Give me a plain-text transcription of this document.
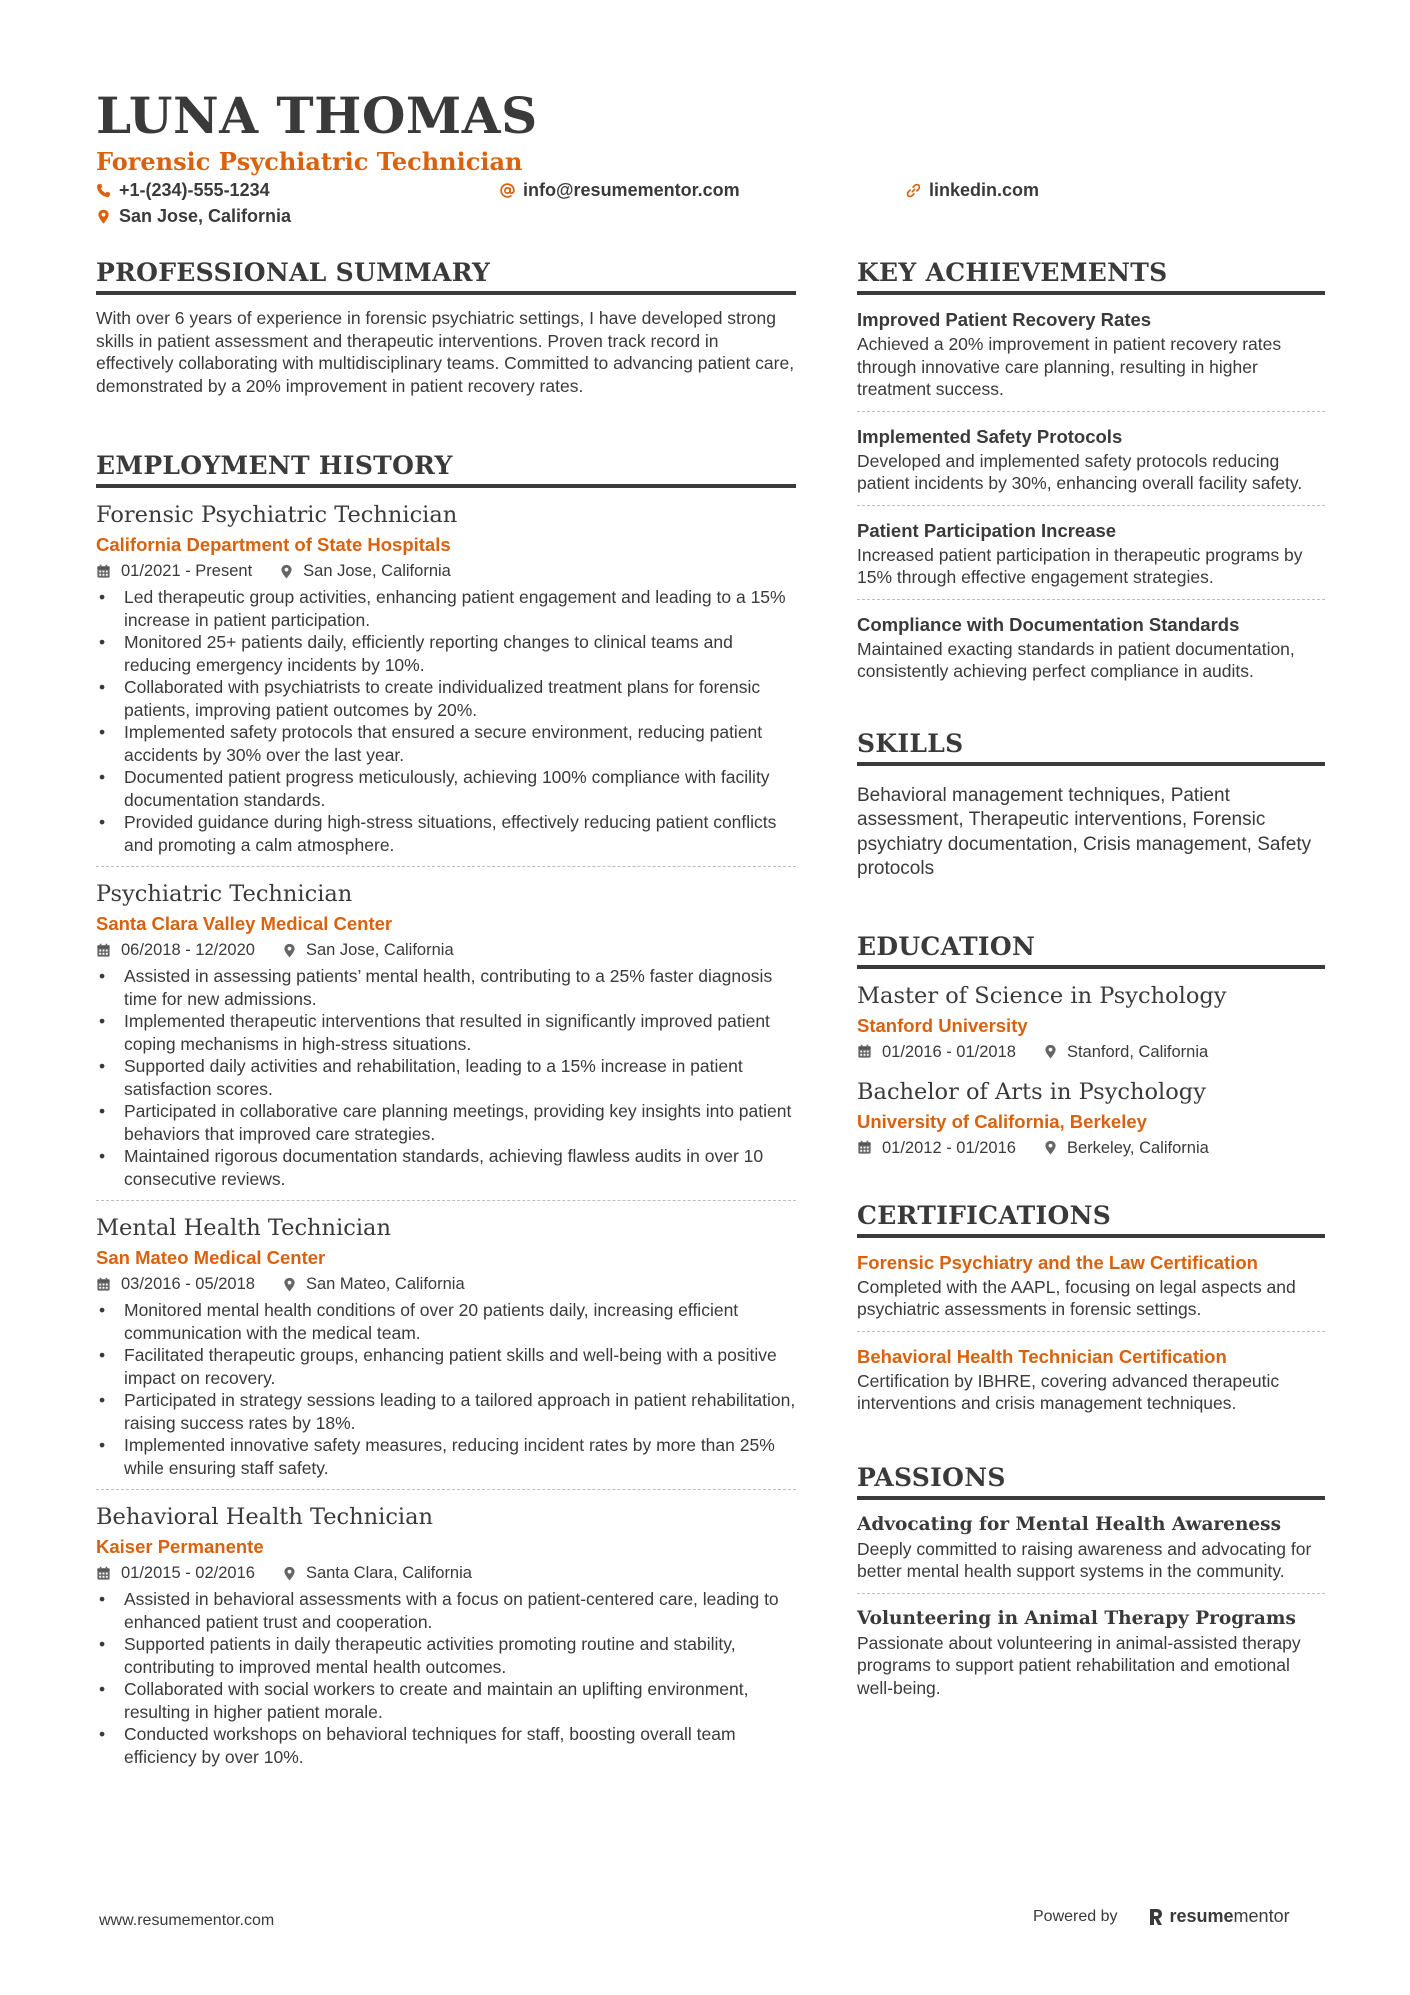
LUNA THOMAS
Forensic Psychiatric Technician
+1-(234)-555-1234	info@resumementor.com	linkedin.com
San Jose, California
PROFESSIONAL SUMMARY

With over 6 years of experience in forensic psychiatric settings, I have developed strong skills in patient assessment and therapeutic interventions. Proven track record in effectively collaborating with multidisciplinary teams. Committed to advancing patient care, demonstrated by a 20% improvement in patient recovery rates.

EMPLOYMENT HISTORY
Forensic Psychiatric Technician
California Department of State Hospitals
01/2021 - Present	San Jose, California
• Led therapeutic group activities, enhancing patient engagement and leading to a 15% increase in patient participation.
• Monitored 25+ patients daily, efficiently reporting changes to clinical teams and reducing emergency incidents by 10%.
• Collaborated with psychiatrists to create individualized treatment plans for forensic patients, improving patient outcomes by 20%.
• Implemented safety protocols that ensured a secure environment, reducing patient accidents by 30% over the last year.
• Documented patient progress meticulously, achieving 100% compliance with facility documentation standards.
• Provided guidance during high-stress situations, effectively reducing patient conflicts and promoting a calm atmosphere.
Psychiatric Technician
Santa Clara Valley Medical Center
06/2018 - 12/2020	San Jose, California
• Assisted in assessing patients’ mental health, contributing to a 25% faster diagnosis time for new admissions.
• Implemented therapeutic interventions that resulted in significantly improved patient coping mechanisms in high-stress situations.
• Supported daily activities and rehabilitation, leading to a 15% increase in patient satisfaction scores.
• Participated in collaborative care planning meetings, providing key insights into patient behaviors that improved care strategies.
• Maintained rigorous documentation standards, achieving flawless audits in over 10 consecutive reviews.
Mental Health Technician
San Mateo Medical Center
03/2016 - 05/2018	San Mateo, California
• Monitored mental health conditions of over 20 patients daily, increasing efficient communication with the medical team.
• Facilitated therapeutic groups, enhancing patient skills and well-being with a positive impact on recovery.
• Participated in strategy sessions leading to a tailored approach in patient rehabilitation, raising success rates by 18%.
• Implemented innovative safety measures, reducing incident rates by more than 25% while ensuring staff safety.
Behavioral Health Technician
Kaiser Permanente
01/2015 - 02/2016	Santa Clara, California
• Assisted in behavioral assessments with a focus on patient-centered care, leading to enhanced patient trust and cooperation.
• Supported patients in daily therapeutic activities promoting routine and stability, contributing to improved mental health outcomes.
• Collaborated with social workers to create and maintain an uplifting environment, resulting in higher patient morale.
• Conducted workshops on behavioral techniques for staff, boosting overall team efficiency by over 10%.
KEY ACHIEVEMENTS
Improved Patient Recovery Rates
Achieved a 20% improvement in patient recovery rates through innovative care planning, resulting in higher treatment success.
Implemented Safety Protocols
Developed and implemented safety protocols reducing patient incidents by 30%, enhancing overall facility safety.
Patient Participation Increase
Increased patient participation in therapeutic programs by 15% through effective engagement strategies.
Compliance with Documentation Standards
Maintained exacting standards in patient documentation, consistently achieving perfect compliance in audits.
SKILLS
Behavioral management techniques, Patient assessment, Therapeutic interventions, Forensic psychiatry documentation, Crisis management, Safety protocols
EDUCATION
Master of Science in Psychology
Stanford University
01/2016 - 01/2018	Stanford, California
Bachelor of Arts in Psychology
University of California, Berkeley
01/2012 - 01/2016	Berkeley, California
CERTIFICATIONS
Forensic Psychiatry and the Law Certification
Completed with the AAPL, focusing on legal aspects and psychiatric assessments in forensic settings.
Behavioral Health Technician Certification
Certification by IBHRE, covering advanced therapeutic interventions and crisis management techniques.
PASSIONS
Advocating for Mental Health Awareness
Deeply committed to raising awareness and advocating for better mental health support systems in the community.
Volunteering in Animal Therapy Programs
Passionate about volunteering in animal-assisted therapy programs to support patient rehabilitation and emotional well-being.
www.resumementor.com	Powered by	resume mentor
